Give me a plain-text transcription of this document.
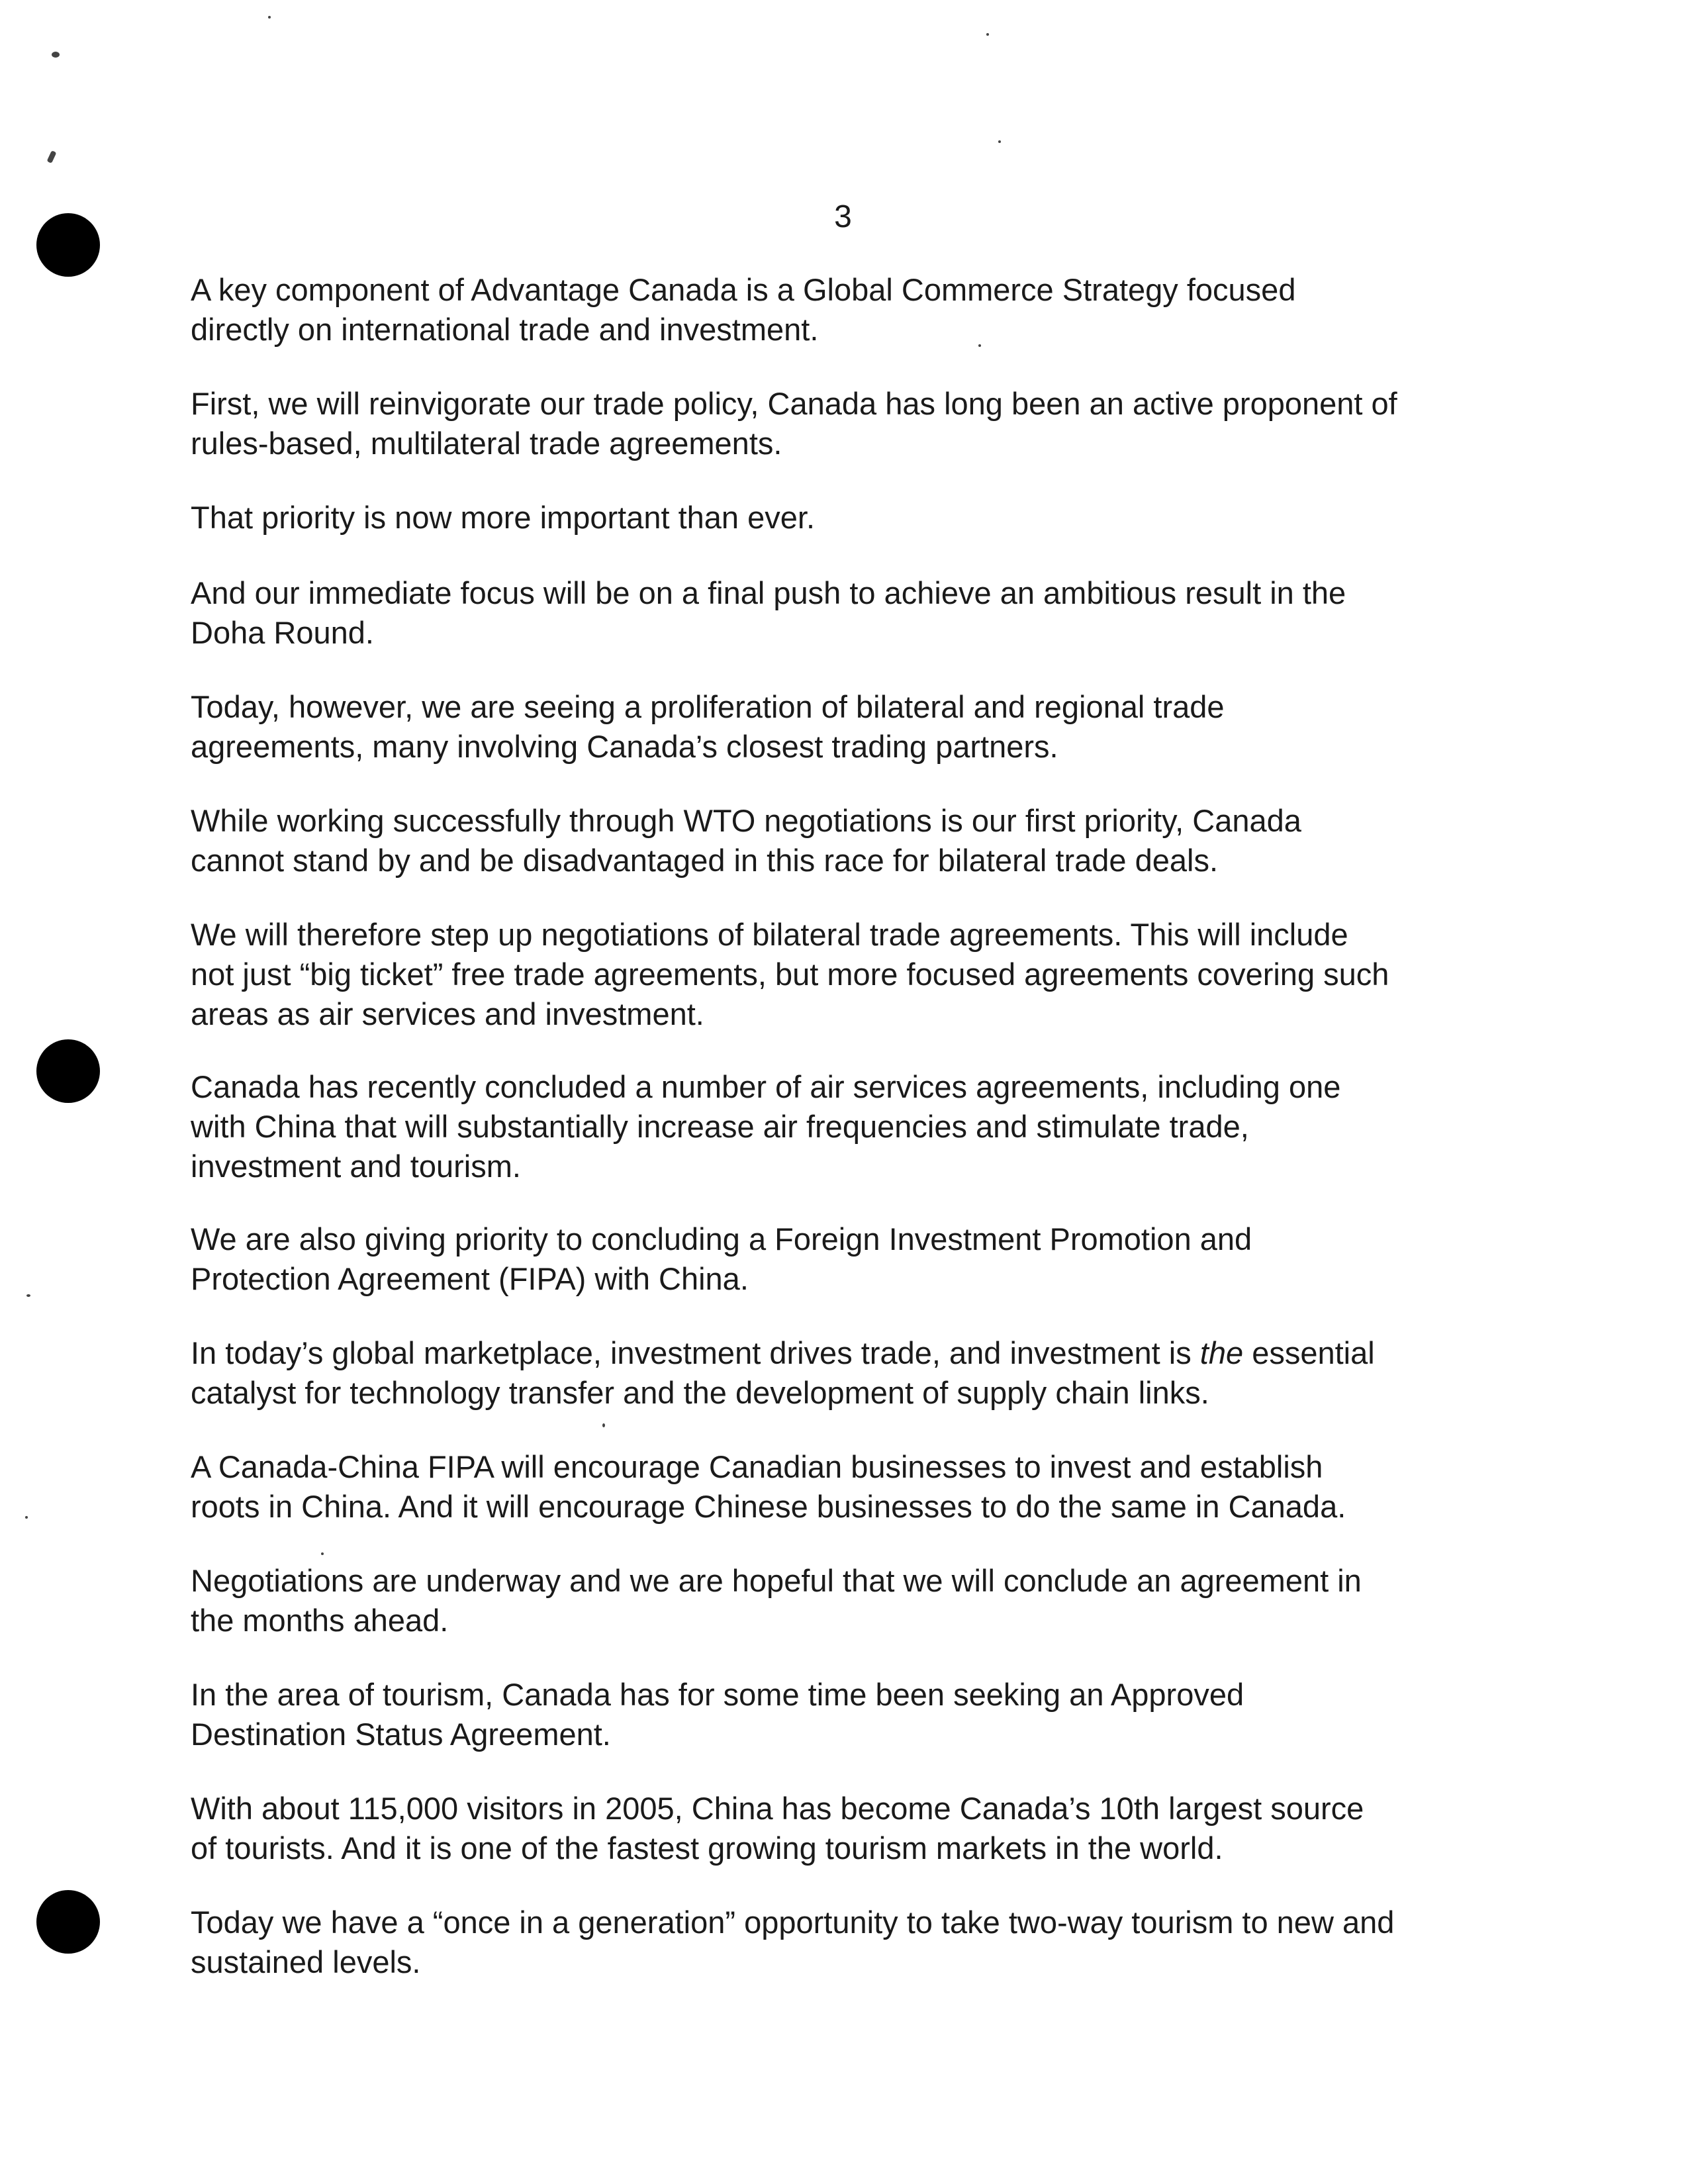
3
A key component of Advantage Canada is a Global Commerce Strategy focused
directly on international trade and investment.
First, we will reinvigorate our trade policy, Canada has long been an active proponent of
rules-based, multilateral trade agreements.
That priority is now more important than ever.
And our immediate focus will be on a final push to achieve an ambitious result in the
Doha Round.
Today, however, we are seeing a proliferation of bilateral and regional trade
agreements, many involving Canada’s closest trading partners.
While working successfully through WTO negotiations is our first priority, Canada
cannot stand by and be disadvantaged in this race for bilateral trade deals.
We will therefore step up negotiations of bilateral trade agreements. This will include
not just “big ticket” free trade agreements, but more focused agreements covering such
areas as air services and investment.
Canada has recently concluded a number of air services agreements, including one
with China that will substantially increase air frequencies and stimulate trade,
investment and tourism.
We are also giving priority to concluding a Foreign Investment Promotion and
Protection Agreement (FIPA) with China.
In today’s global marketplace, investment drives trade, and investment is the essential
catalyst for technology transfer and the development of supply chain links.
A Canada-China FIPA will encourage Canadian businesses to invest and establish
roots in China. And it will encourage Chinese businesses to do the same in Canada.
Negotiations are underway and we are hopeful that we will conclude an agreement in
the months ahead.
In the area of tourism, Canada has for some time been seeking an Approved
Destination Status Agreement.
With about 115,000 visitors in 2005, China has become Canada’s 10th largest source
of tourists. And it is one of the fastest growing tourism markets in the world.
Today we have a “once in a generation” opportunity to take two-way tourism to new and
sustained levels.
